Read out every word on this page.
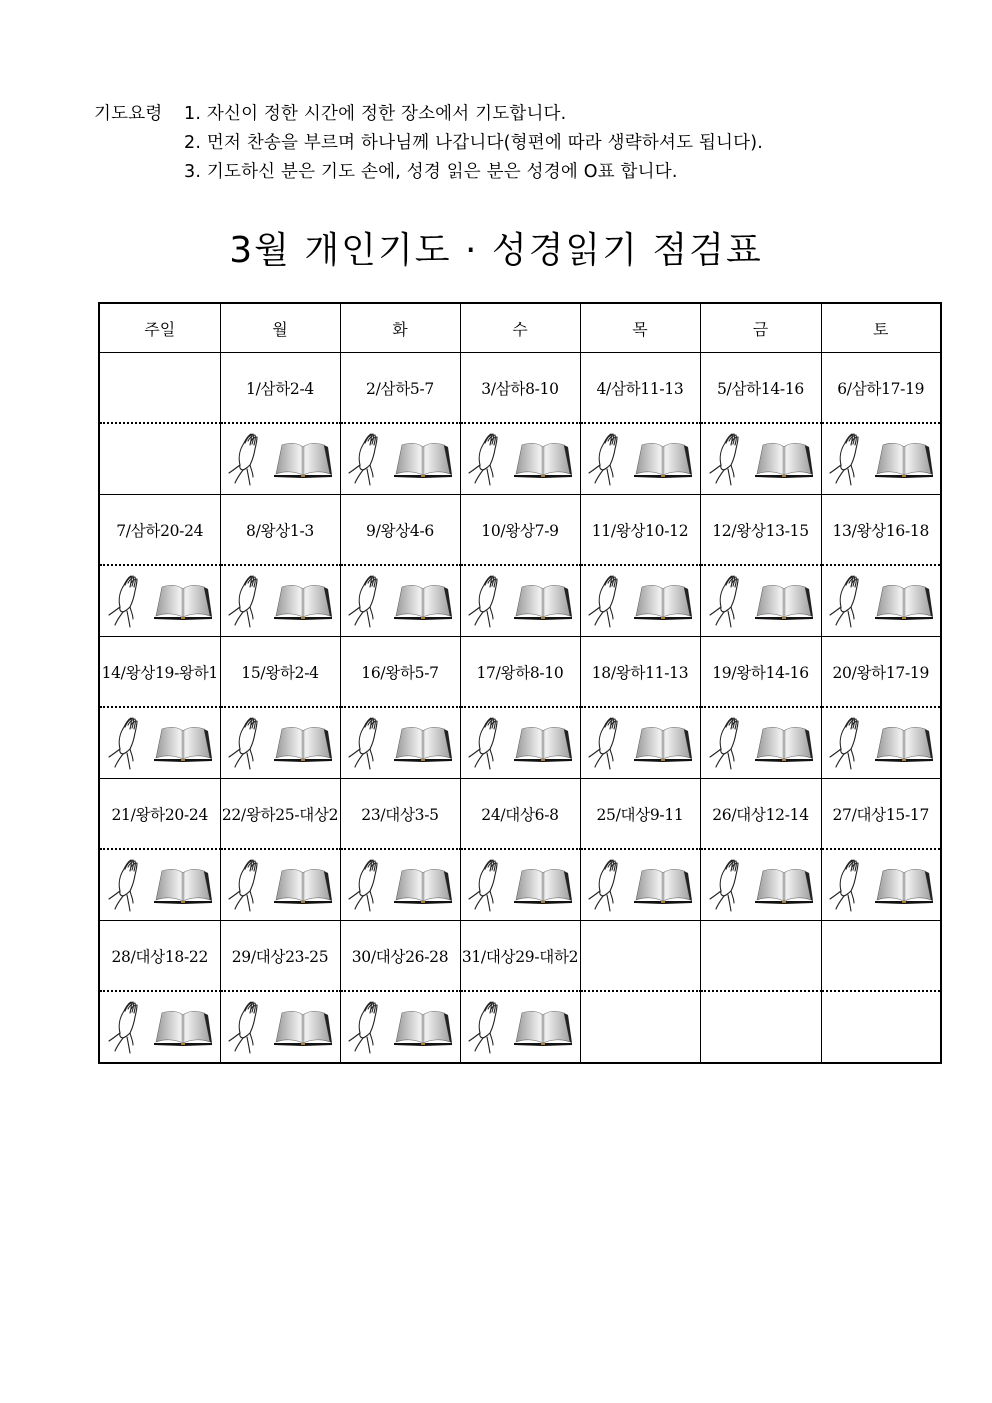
기도요령 1. 자신이 정한 시간에 정한 장소에서 기도합니다.
2. 먼저 찬송을 부르며 하나님께 나갑니다(형편에 따라 생략하셔도 됩니다).
3. 기도하신 분은 기도 손에, 성경 읽은 분은 성경에 O표 합니다.
3월 개인기도 · 성경읽기 점검표
주일	월	화	수	목	금	토
	1/삼하2-4	2/삼하5-7	3/삼하8-10	4/삼하11-13	5/삼하14-16	6/삼하17-19

7/삼하20-24	8/왕상1-3	9/왕상4-6	10/왕상7-9	11/왕상10-12	12/왕상13-15	13/왕상16-18

14/왕상19-왕하1	15/왕하2-4	16/왕하5-7	17/왕하8-10	18/왕하11-13	19/왕하14-16	20/왕하17-19

21/왕하20-24	22/왕하25-대상2	23/대상3-5	24/대상6-8	25/대상9-11	26/대상12-14	27/대상15-17

28/대상18-22	29/대상23-25	30/대상26-28	31/대상29-대하2			
